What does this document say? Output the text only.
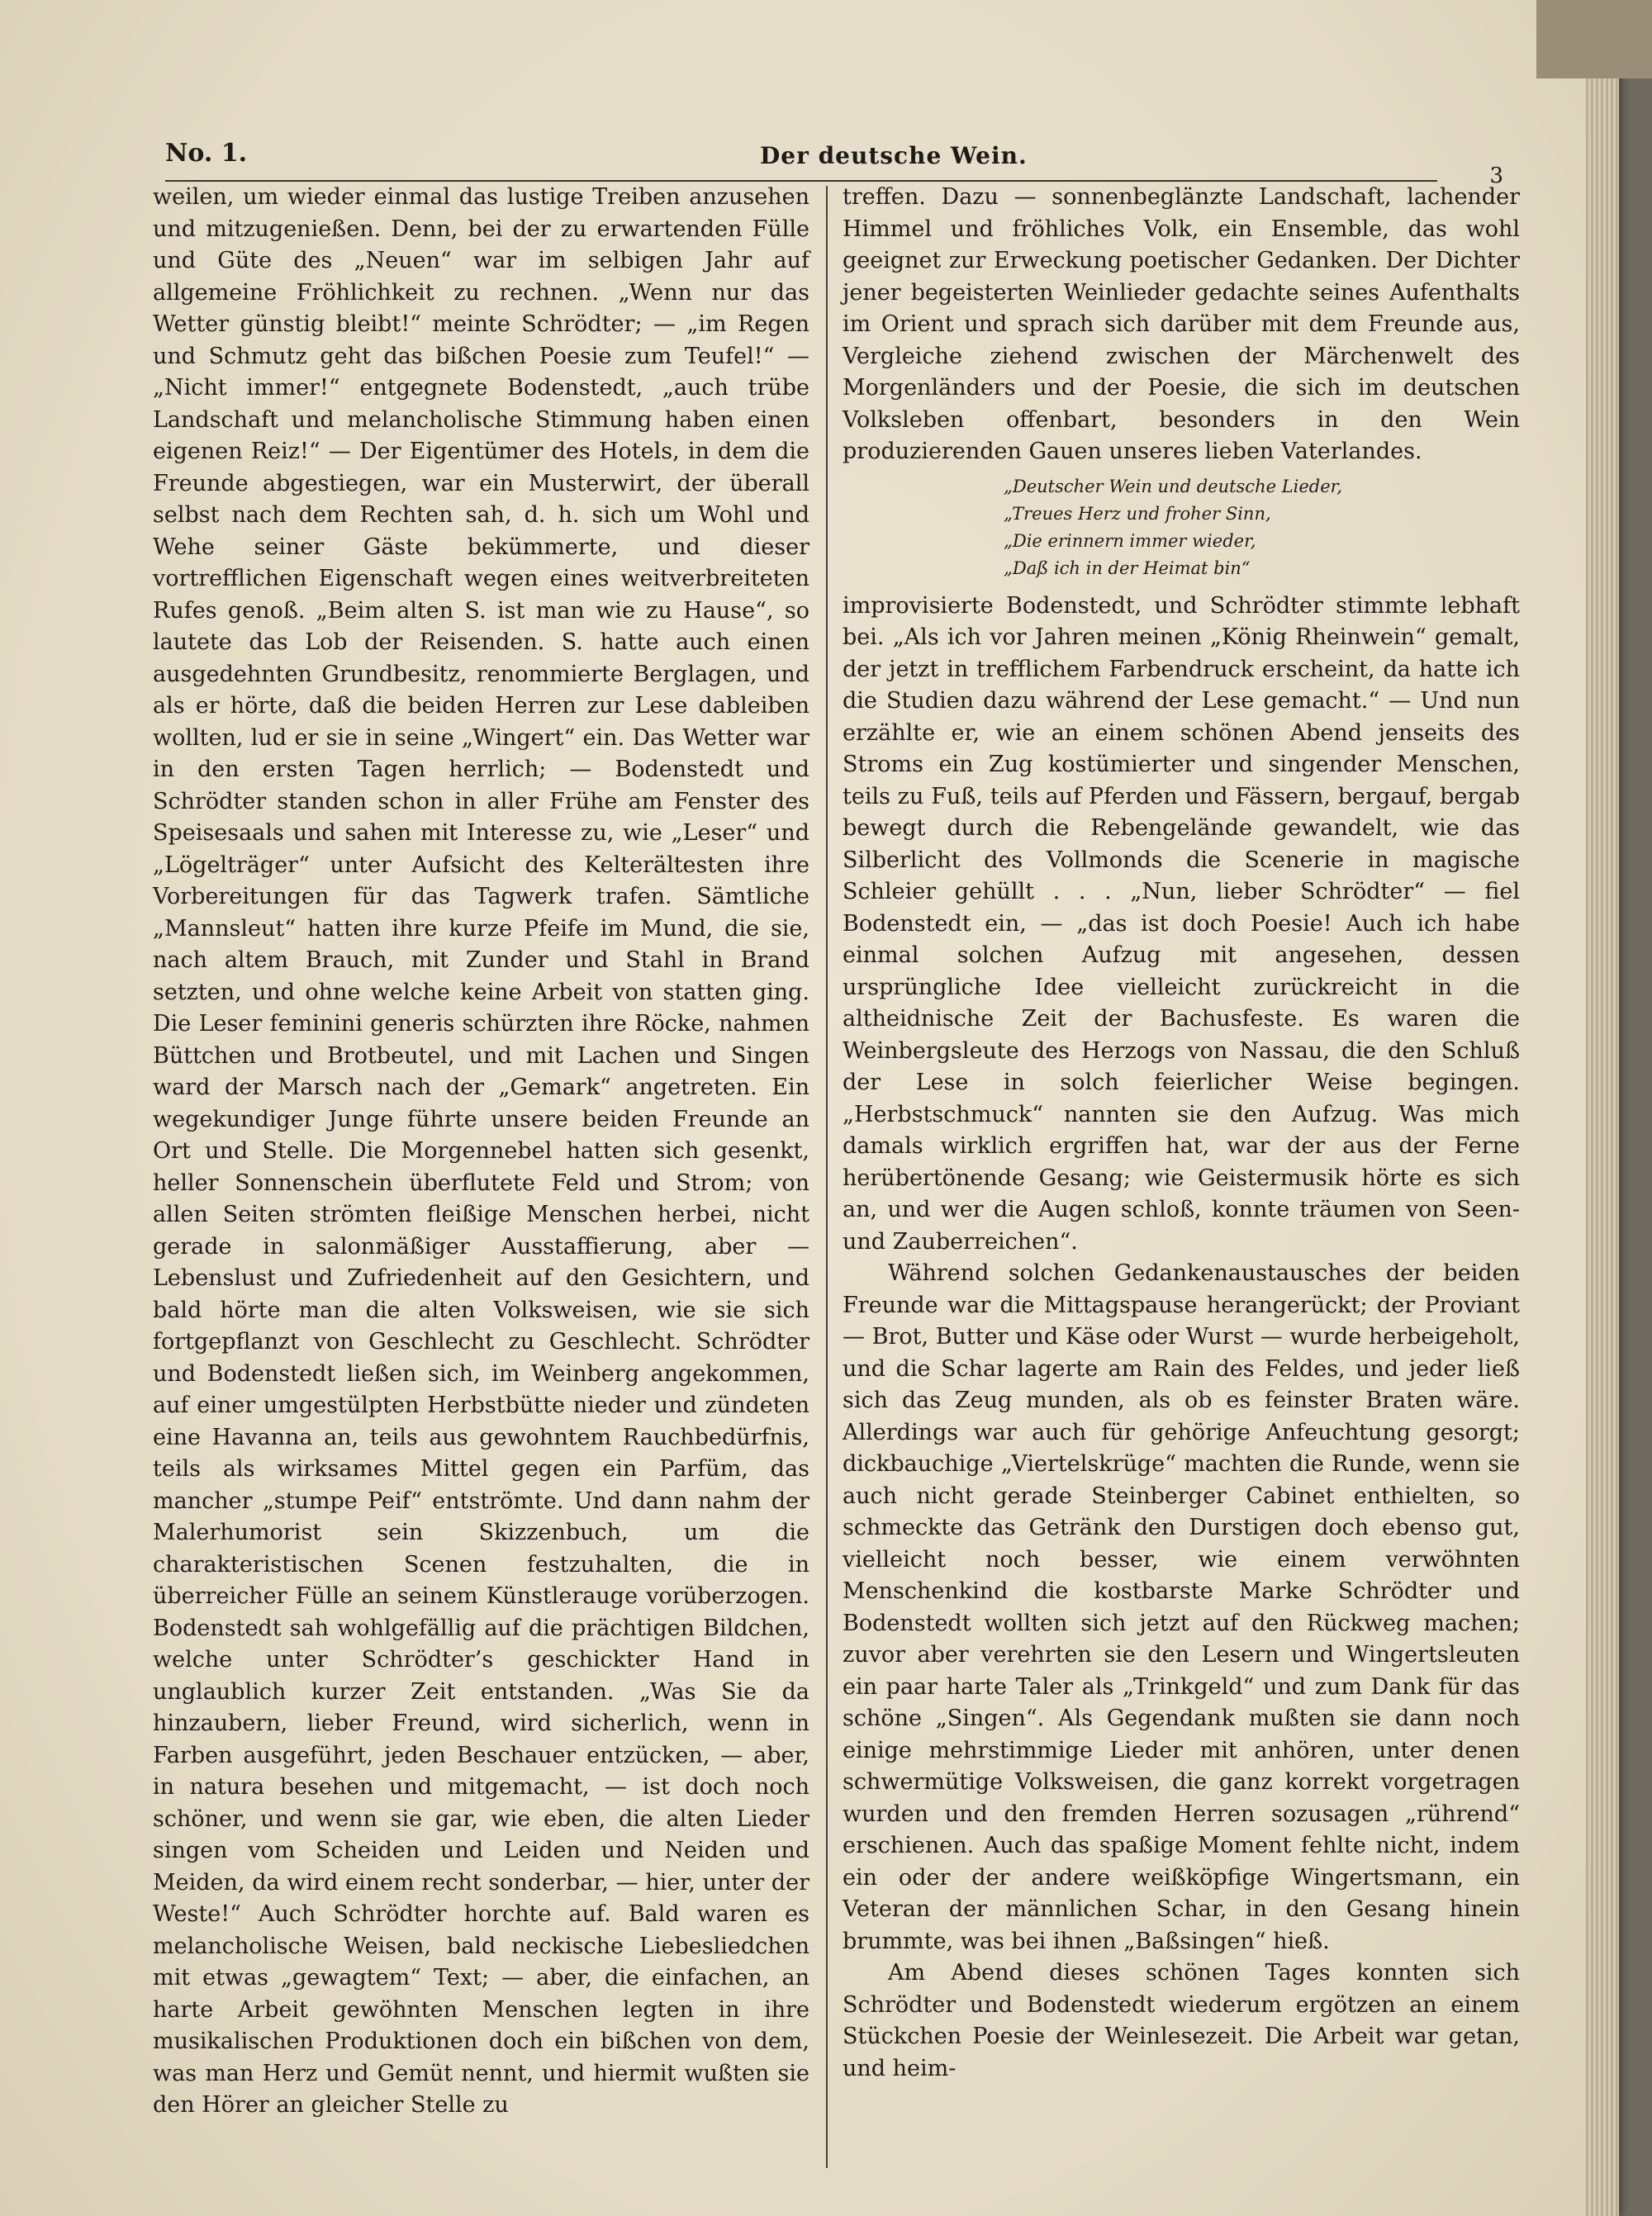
No. 1.	Der deutsche Wein.
3

weilen, um wieder einmal das lustige Treiben anzusehen und mitzugenießen. Denn, bei der zu erwartenden Fülle und Güte des „Neuen“ war im selbigen Jahr auf allgemeine Fröhlichkeit zu rechnen. „Wenn nur das Wetter günstig bleibt!“ meinte Schrödter; — „im Regen und Schmutz geht das bißchen Poesie zum Teufel!“ — „Nicht immer!“ entgegnete Bodenstedt, „auch trübe Landschaft und melancholische Stimmung haben einen eigenen Reiz!“ — Der Eigentümer des Hotels, in dem die Freunde abgestiegen, war ein Musterwirt, der überall selbst nach dem Rechten sah, d. h. sich um Wohl und Wehe seiner Gäste bekümmerte, und dieser vortrefflichen Eigenschaft wegen eines weitverbreiteten Rufes genoß. „Beim alten S. ist man wie zu Hause“, so lautete das Lob der Reisenden. S. hatte auch einen ausgedehnten Grundbesitz, renommierte Berglagen, und als er hörte, daß die beiden Herren zur Lese dableiben wollten, lud er sie in seine „Wingert“ ein. Das Wetter war in den ersten Tagen herrlich; — Bodenstedt und Schrödter standen schon in aller Frühe am Fenster des Speisesaals und sahen mit Interesse zu, wie „Leser“ und „Lögelträger“ unter Aufsicht des Kelterältesten ihre Vorbereitungen für das Tagwerk trafen. Sämtliche „Mannsleut“ hatten ihre kurze Pfeife im Mund, die sie, nach altem Brauch, mit Zunder und Stahl in Brand setzten, und ohne welche keine Arbeit von statten ging. Die Leser feminini generis schürzten ihre Röcke, nahmen Büttchen und Brotbeutel, und mit Lachen und Singen ward der Marsch nach der „Gemark“ angetreten. Ein wegekundiger Junge führte unsere beiden Freunde an Ort und Stelle. Die Morgennebel hatten sich gesenkt, heller Sonnenschein überflutete Feld und Strom; von allen Seiten strömten fleißige Menschen herbei, nicht gerade in salonmäßiger Ausstaffierung, aber — Lebenslust und Zufriedenheit auf den Gesichtern, und bald hörte man die alten Volksweisen, wie sie sich fortgepflanzt von Geschlecht zu Geschlecht. Schrödter und Bodenstedt ließen sich, im Weinberg angekommen, auf einer umgestülpten Herbstbütte nieder und zündeten eine Havanna an, teils aus gewohntem Rauchbedürfnis, teils als wirksames Mittel gegen ein Parfüm, das mancher „stumpe Peif“ entströmte. Und dann nahm der Malerhumorist sein Skizzenbuch, um die charakteristischen Scenen festzuhalten, die in überreicher Fülle an seinem Künstlerauge vorüberzogen. Bodenstedt sah wohlgefällig auf die prächtigen Bildchen, welche unter Schrödter’s geschickter Hand in unglaublich kurzer Zeit entstanden. „Was Sie da hinzaubern, lieber Freund, wird sicherlich, wenn in Farben ausgeführt, jeden Beschauer entzücken, — aber, in natura besehen und mitgemacht, — ist doch noch schöner, und wenn sie gar, wie eben, die alten Lieder singen vom Scheiden und Leiden und Neiden und Meiden, da wird einem recht sonderbar, — hier, unter der Weste!“ Auch Schrödter horchte auf. Bald waren es melancholische Weisen, bald neckische Liebesliedchen mit etwas „gewagtem“ Text; — aber, die einfachen, an harte Arbeit gewöhnten Menschen legten in ihre musikalischen Produktionen doch ein bißchen von dem, was man Herz und Gemüt nennt, und hiermit wußten sie den Hörer an gleicher Stelle zu

treffen. Dazu — sonnenbeglänzte Landschaft, lachender Himmel und fröhliches Volk, ein Ensemble, das wohl geeignet zur Erweckung poetischer Gedanken. Der Dichter jener begeisterten Weinlieder gedachte seines Aufenthalts im Orient und sprach sich darüber mit dem Freunde aus, Vergleiche ziehend zwischen der Märchenwelt des Morgenländers und der Poesie, die sich im deutschen Volksleben offenbart, besonders in den Wein produzierenden Gauen unseres lieben Vaterlandes.

„Deutscher Wein und deutsche Lieder,
„Treues Herz und froher Sinn,
„Die erinnern immer wieder,
„Daß ich in der Heimat bin“

improvisierte Bodenstedt, und Schrödter stimmte lebhaft bei. „Als ich vor Jahren meinen „König Rheinwein“ gemalt, der jetzt in trefflichem Farbendruck erscheint, da hatte ich die Studien dazu während der Lese gemacht.“ — Und nun erzählte er, wie an einem schönen Abend jenseits des Stroms ein Zug kostümierter und singender Menschen, teils zu Fuß, teils auf Pferden und Fässern, bergauf, bergab bewegt durch die Rebengelände gewandelt, wie das Silberlicht des Vollmonds die Scenerie in magische Schleier gehüllt . . . „Nun, lieber Schrödter“ — fiel Bodenstedt ein, — „das ist doch Poesie! Auch ich habe einmal solchen Aufzug mit angesehen, dessen ursprüngliche Idee vielleicht zurückreicht in die altheidnische Zeit der Bachusfeste. Es waren die Weinbergsleute des Herzogs von Nassau, die den Schluß der Lese in solch feierlicher Weise begingen. „Herbstschmuck“ nannten sie den Aufzug. Was mich damals wirklich ergriffen hat, war der aus der Ferne herübertönende Gesang; wie Geistermusik hörte es sich an, und wer die Augen schloß, konnte träumen von Seen- und Zauberreichen“.

Während solchen Gedankenaustausches der beiden Freunde war die Mittagspause herangerückt; der Proviant — Brot, Butter und Käse oder Wurst — wurde herbeigeholt, und die Schar lagerte am Rain des Feldes, und jeder ließ sich das Zeug munden, als ob es feinster Braten wäre. Allerdings war auch für gehörige Anfeuchtung gesorgt; dickbauchige „Viertelskrüge“ machten die Runde, wenn sie auch nicht gerade Steinberger Cabinet enthielten, so schmeckte das Getränk den Durstigen doch ebenso gut, vielleicht noch besser, wie einem verwöhnten Menschenkind die kostbarste Marke Schrödter und Bodenstedt wollten sich jetzt auf den Rückweg machen; zuvor aber verehrten sie den Lesern und Wingertsleuten ein paar harte Taler als „Trinkgeld“ und zum Dank für das schöne „Singen“. Als Gegendank mußten sie dann noch einige mehrstimmige Lieder mit anhören, unter denen schwermütige Volksweisen, die ganz korrekt vorgetragen wurden und den fremden Herren sozusagen „rührend“ erschienen. Auch das spaßige Moment fehlte nicht, indem ein oder der andere weißköpfige Wingertsmann, ein Veteran der männlichen Schar, in den Gesang hinein brummte, was bei ihnen „Baßsingen“ hieß.

Am Abend dieses schönen Tages konnten sich Schrödter und Bodenstedt wiederum ergötzen an einem Stückchen Poesie der Weinlesezeit. Die Arbeit war getan, und heim-
